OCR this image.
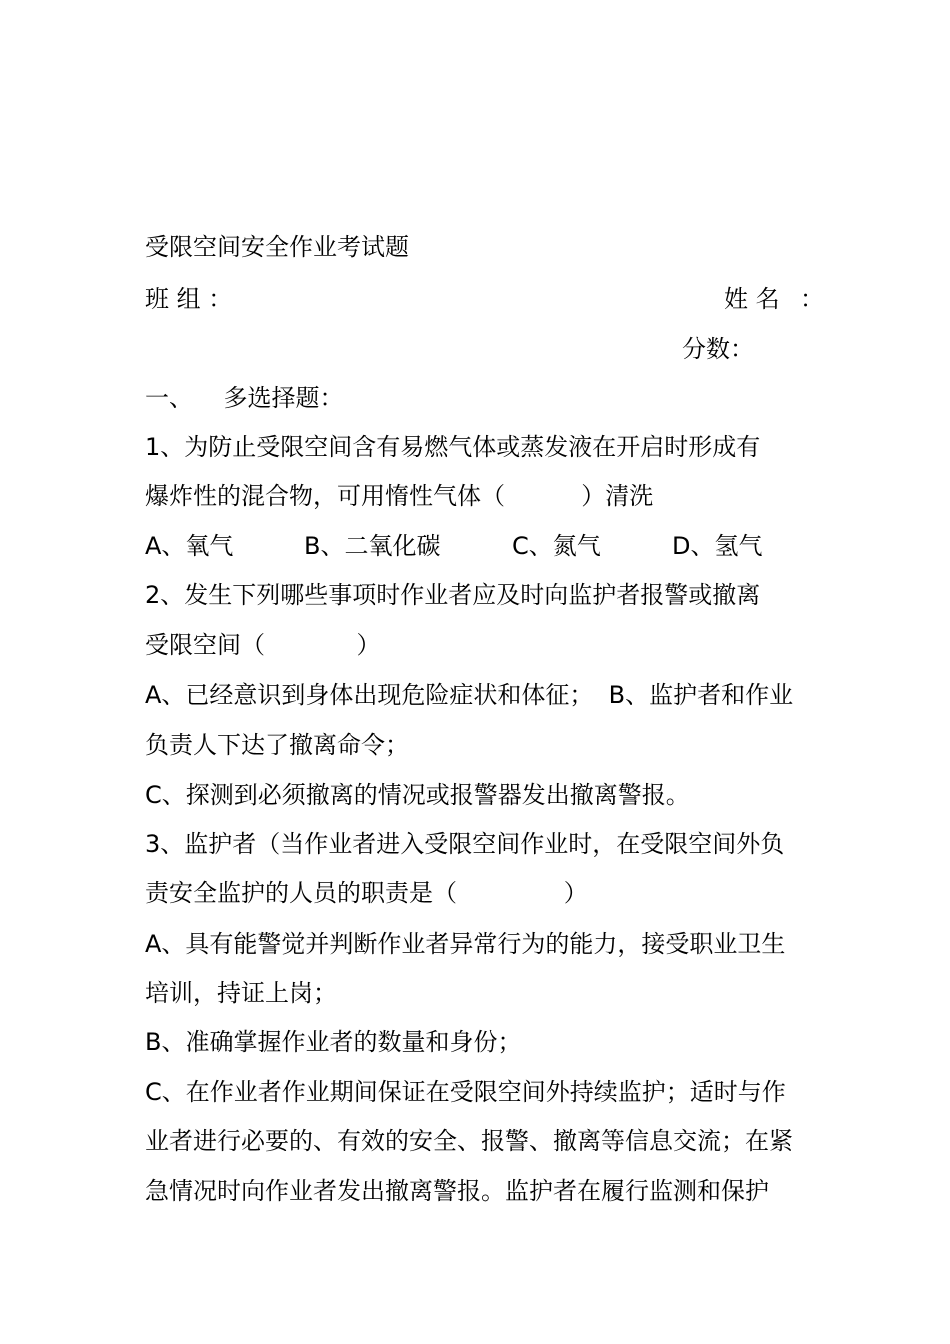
受限空间安全作业考试题
班 组 ：	姓 名 ：
分数：
一、    多选择题：
1、为防止受限空间含有易燃气体或蒸发液在开启时形成有
爆炸性的混合物，可用惰性气体（          ）清洗
A、氧气	B、二氧化碳	C、氮气	D、氢气
2、发生下列哪些事项时作业者应及时向监护者报警或撤离
受限空间（            ）
A、已经意识到身体出现危险症状和体征；  B、监护者和作业
负责人下达了撤离命令；
C、探测到必须撤离的情况或报警器发出撤离警报。
3、监护者（当作业者进入受限空间作业时，在受限空间外负
责安全监护的人员的职责是（              ）
A、具有能警觉并判断作业者异常行为的能力，接受职业卫生
培训，持证上岗；
B、准确掌握作业者的数量和身份；
C、在作业者作业期间保证在受限空间外持续监护；适时与作
业者进行必要的、有效的安全、报警、撤离等信息交流；在紧
急情况时向作业者发出撤离警报。监护者在履行监测和保护
